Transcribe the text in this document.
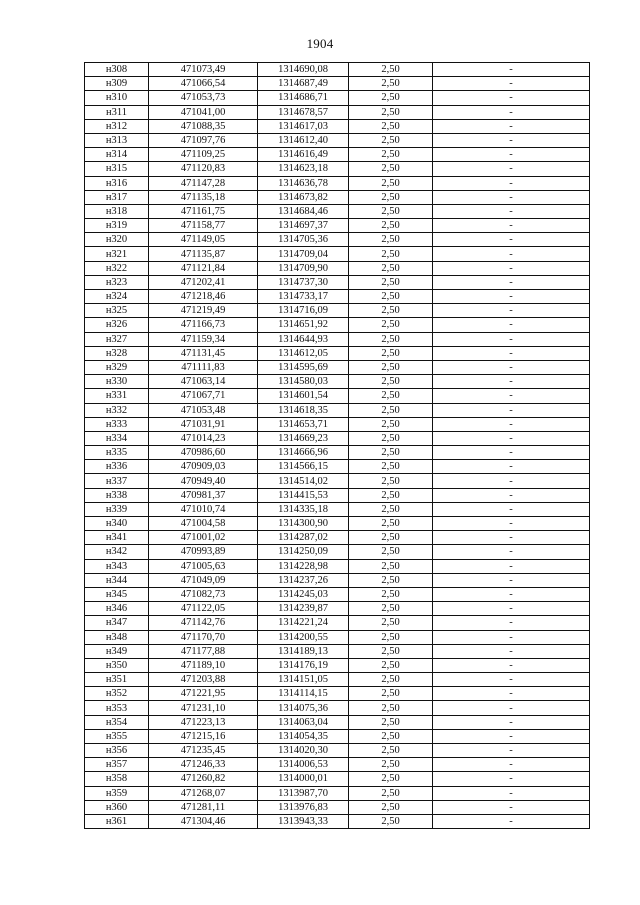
1904
н308	471073,49	1314690,08	2,50	-
н309	471066,54	1314687,49	2,50	-
н310	471053,73	1314686,71	2,50	-
н311	471041,00	1314678,57	2,50	-
н312	471088,35	1314617,03	2,50	-
н313	471097,76	1314612,40	2,50	-
н314	471109,25	1314616,49	2,50	-
н315	471120,83	1314623,18	2,50	-
н316	471147,28	1314636,78	2,50	-
н317	471135,18	1314673,82	2,50	-
н318	471161,75	1314684,46	2,50	-
н319	471158,77	1314697,37	2,50	-
н320	471149,05	1314705,36	2,50	-
н321	471135,87	1314709,04	2,50	-
н322	471121,84	1314709,90	2,50	-
н323	471202,41	1314737,30	2,50	-
н324	471218,46	1314733,17	2,50	-
н325	471219,49	1314716,09	2,50	-
н326	471166,73	1314651,92	2,50	-
н327	471159,34	1314644,93	2,50	-
н328	471131,45	1314612,05	2,50	-
н329	471111,83	1314595,69	2,50	-
н330	471063,14	1314580,03	2,50	-
н331	471067,71	1314601,54	2,50	-
н332	471053,48	1314618,35	2,50	-
н333	471031,91	1314653,71	2,50	-
н334	471014,23	1314669,23	2,50	-
н335	470986,60	1314666,96	2,50	-
н336	470909,03	1314566,15	2,50	-
н337	470949,40	1314514,02	2,50	-
н338	470981,37	1314415,53	2,50	-
н339	471010,74	1314335,18	2,50	-
н340	471004,58	1314300,90	2,50	-
н341	471001,02	1314287,02	2,50	-
н342	470993,89	1314250,09	2,50	-
н343	471005,63	1314228,98	2,50	-
н344	471049,09	1314237,26	2,50	-
н345	471082,73	1314245,03	2,50	-
н346	471122,05	1314239,87	2,50	-
н347	471142,76	1314221,24	2,50	-
н348	471170,70	1314200,55	2,50	-
н349	471177,88	1314189,13	2,50	-
н350	471189,10	1314176,19	2,50	-
н351	471203,88	1314151,05	2,50	-
н352	471221,95	1314114,15	2,50	-
н353	471231,10	1314075,36	2,50	-
н354	471223,13	1314063,04	2,50	-
н355	471215,16	1314054,35	2,50	-
н356	471235,45	1314020,30	2,50	-
н357	471246,33	1314006,53	2,50	-
н358	471260,82	1314000,01	2,50	-
н359	471268,07	1313987,70	2,50	-
н360	471281,11	1313976,83	2,50	-
н361	471304,46	1313943,33	2,50	-
